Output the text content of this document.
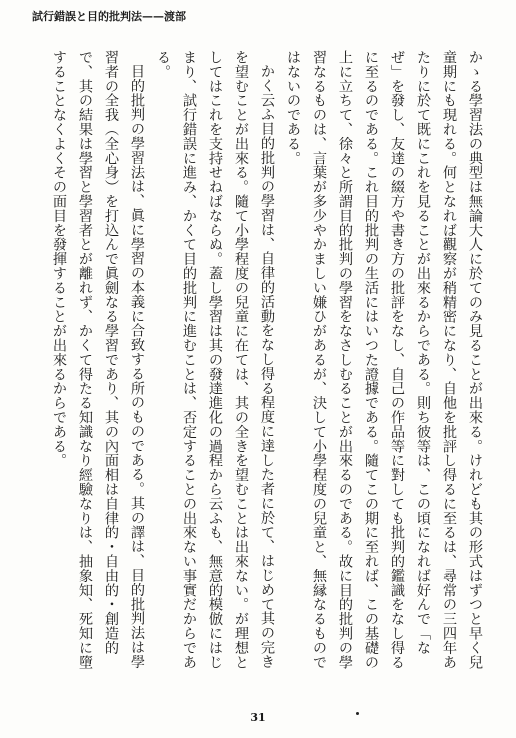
試行錯誤と目的批判法——渡部

かゝる學習法の典型は無論大人に於てのみ見ることが出來る。けれども其の形式はずつと早く兒童期にも現れる。何となれば觀察が稍精密になり、自他を批評し得るに至るは、尋常の三四年あたりに於て既にこれを見ることが出來るからである。則ち彼等は、この頃になれば好んで「なぜ」を發し、友達の綴方や書き方の批評をなし、自己の作品等に對しても批判的鑑識をなし得るに至るのである。これ目的批判の生活にはいつた證據である。隨てこの期に至れば、この基礎の上に立ちて、徐々と所謂目的批判の學習をなさしむることが出來るのである。故に目的批判の學習なるものは、言葉が多少やかましい嫌ひがあるが、決して小學程度の兒童と、無縁なるものではないのである。

かく云ふ目的批判の學習は、自律的活動をなし得る程度に達した者に於て、はじめて其の完きを望むことが出來る。隨て小學程度の兒童に在ては、其の全きを望むことは出來ない。が理想としてはこれを支持せねばならぬ。蓋し學習は其の發達進化の過程から云ふも、無意的模倣にはじまり、試行錯誤に進み、かくて目的批判に進むことは、否定することの出來ない事實だからである。

目的批判の學習法は、眞に學習の本義に合致する所のものである。其の譯は、目的批判法は學習者の全我（全心身）を打込んで眞劍なる學習であり、其の內面相は自律的・自由的・創造的で、其の結果は學習と學習者とが離れず、かくて得たる知識なり經驗なりは、抽象知、死知に墮することなくよくその面目を發揮することが出來るからである。

31
